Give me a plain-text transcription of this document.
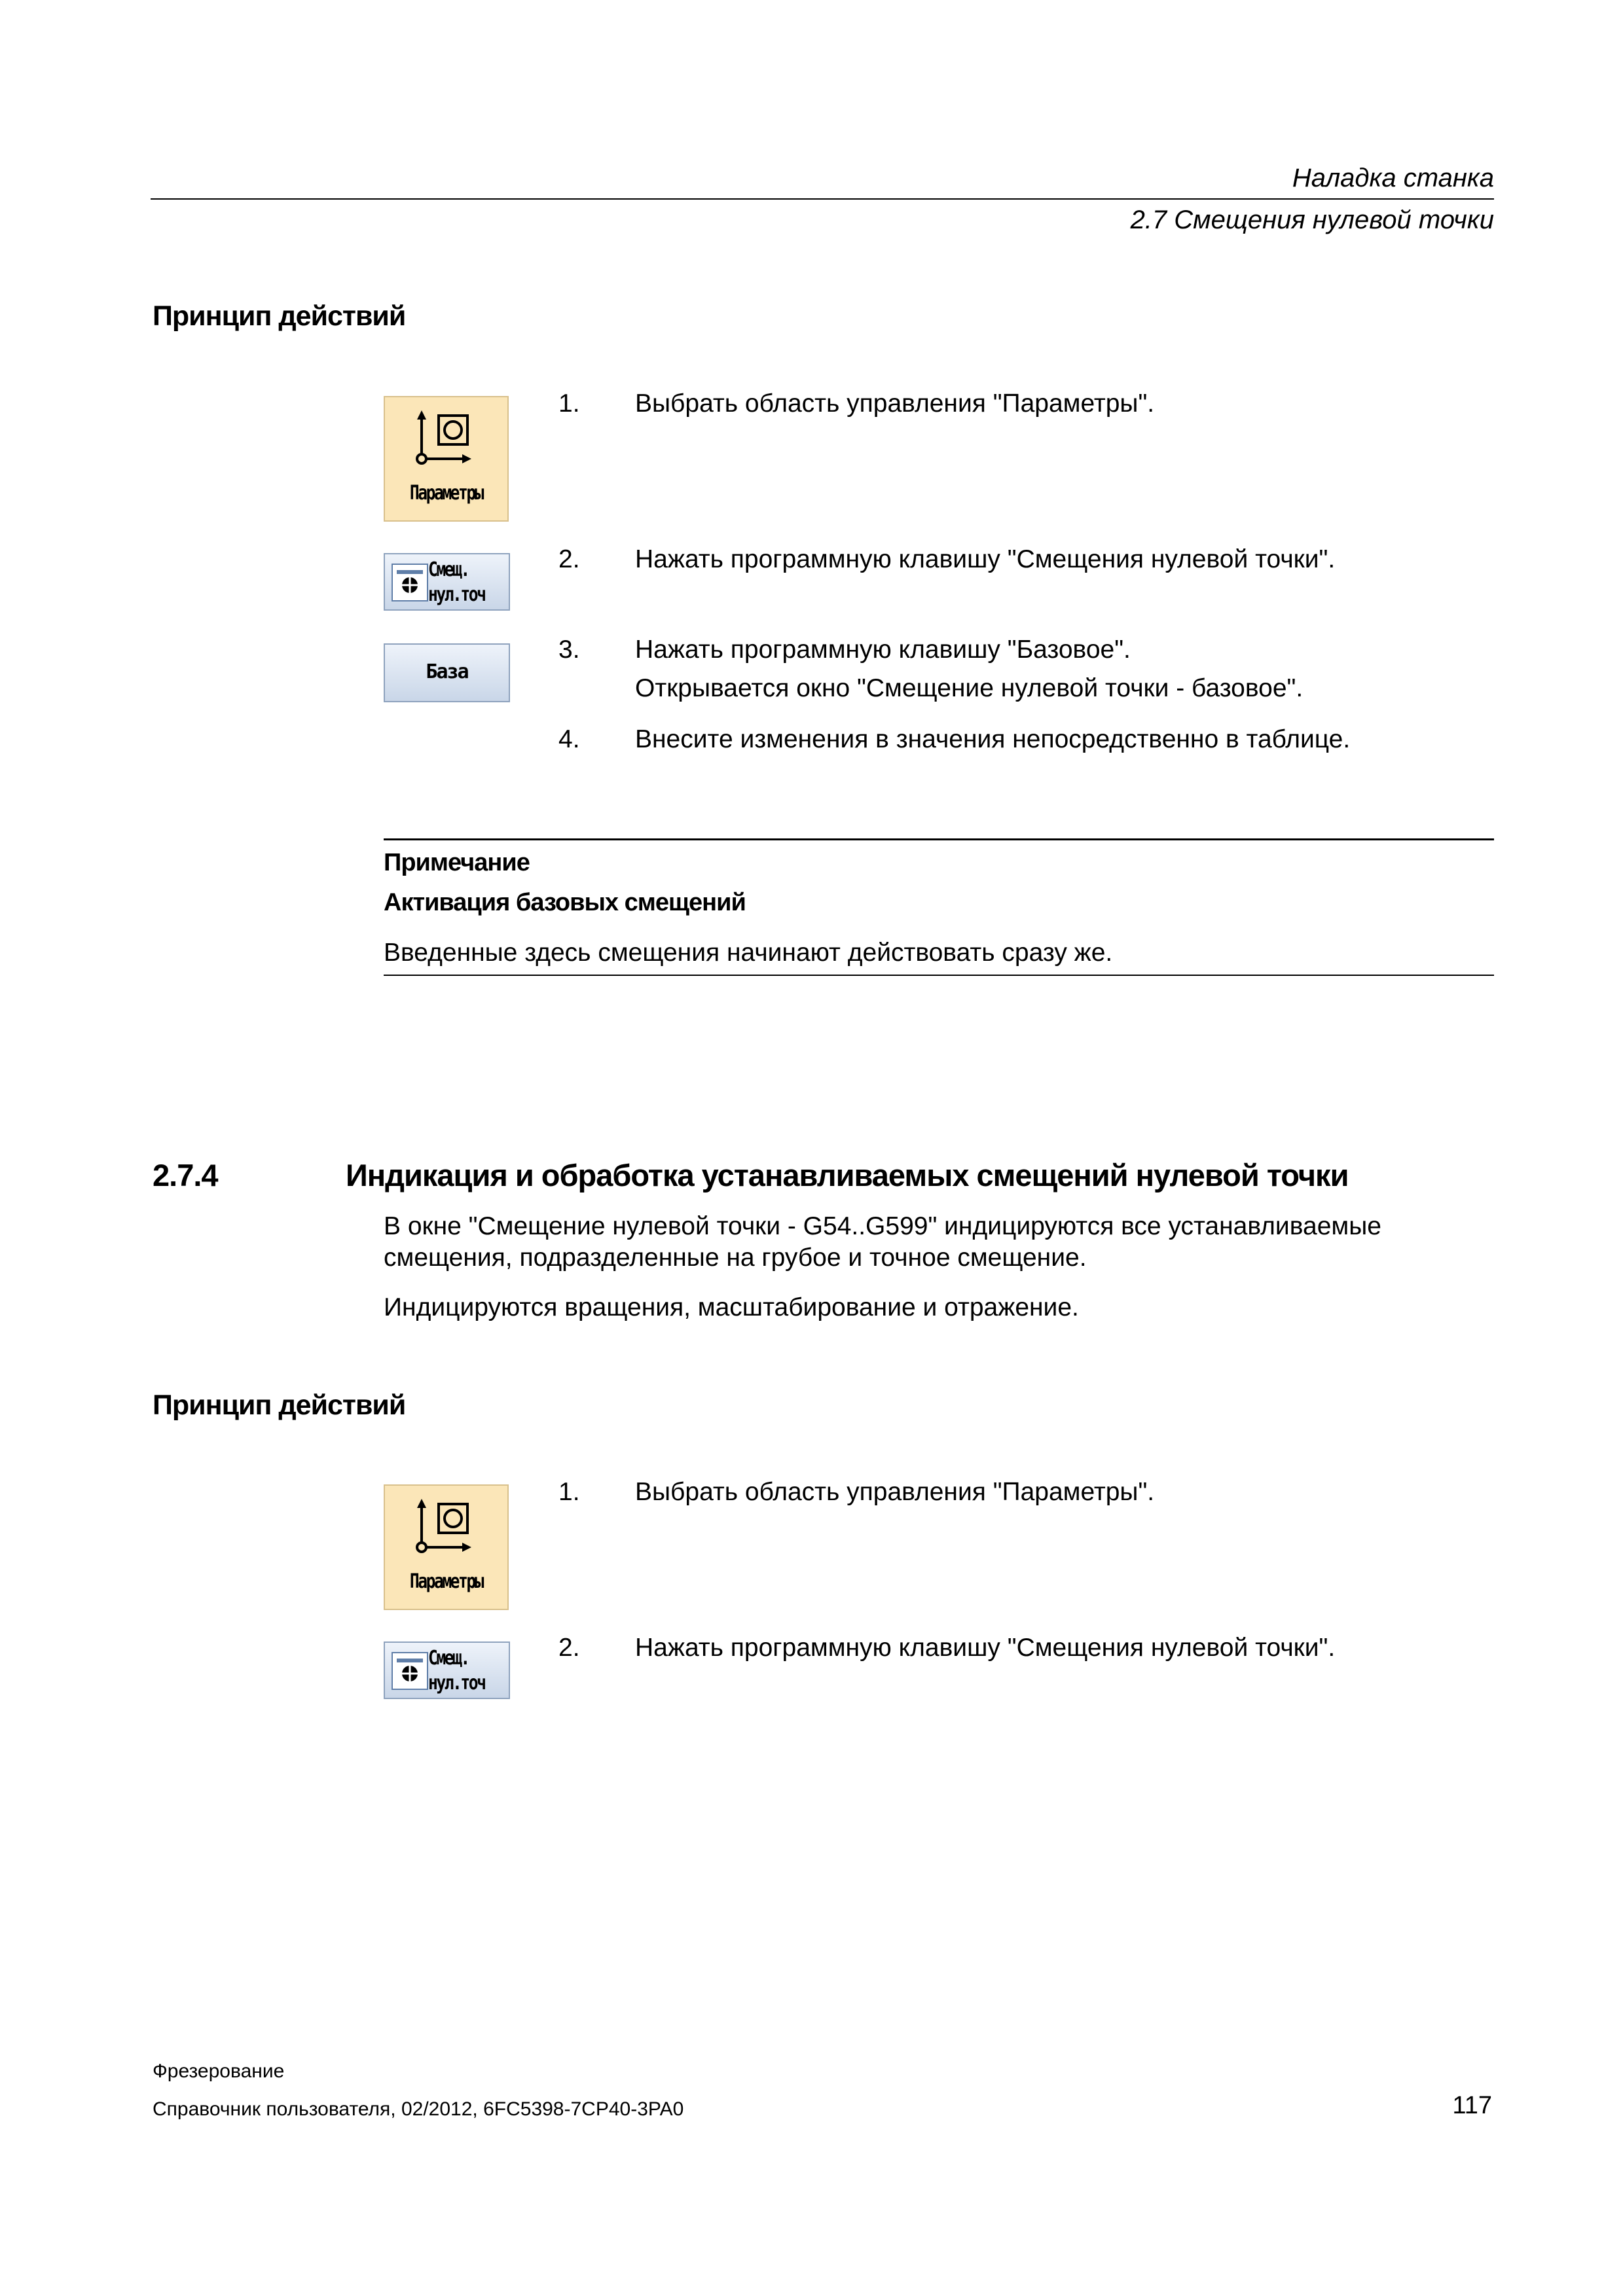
Наладка станка
2.7 Смещения нулевой точки
Принцип действий
Параметры
1. Выбрать область управления "Параметры".
Смещ.
нул.точ
2. Нажать программную клавишу "Смещения нулевой точки".
База
3. Нажать программную клавишу "Базовое".
Открывается окно "Смещение нулевой точки - базовое".
4. Внесите изменения в значения непосредственно в таблице.
Примечание
Активация базовых смещений
Введенные здесь смещения начинают действовать сразу же.
2.7.4	Индикация и обработка устанавливаемых смещений нулевой точки
В окне "Смещение нулевой точки - G54..G599" индицируются все устанавливаемые
смещения, подразделенные на грубое и точное смещение.
Индицируются вращения, масштабирование и отражение.
Принцип действий
Параметры
1. Выбрать область управления "Параметры".
Смещ.
нул.точ
2. Нажать программную клавишу "Смещения нулевой точки".
Фрезерование
Справочник пользователя, 02/2012, 6FC5398-7CP40-3PA0	117
